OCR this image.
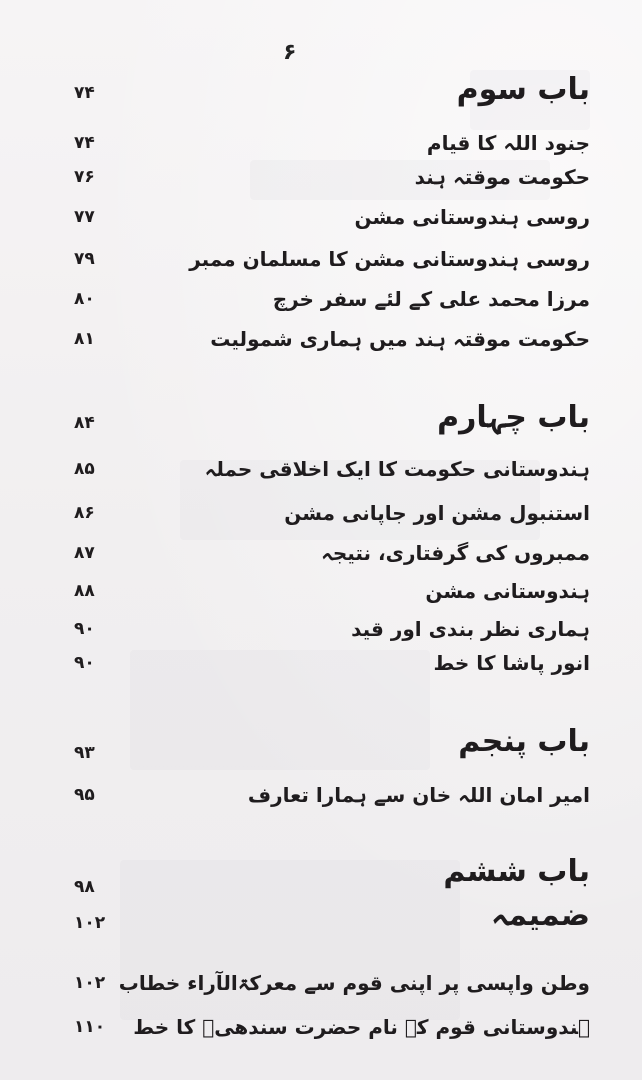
۶
باب سوم
۷۴
جنود اللہ کا قیام
۷۴
حکومت موقتہ ہند
۷۶
روسی ہندوستانی مشن
۷۷
روسی ہندوستانی مشن کا مسلمان ممبر
۷۹
مرزا محمد علی کے لئے سفر خرچ
۸۰
حکومت موقتہ ہند میں ہماری شمولیت
۸۱
باب چہارم
۸۴
ہندوستانی حکومت کا ایک اخلاقی حملہ
۸۵
استنبول مشن اور جاپانی مشن
۸۶
ممبروں کی گرفتاری، نتیجہ
۸۷
ہندوستانی مشن
۸۸
ہماری نظر بندی اور قید
۹۰
انور پاشا کا خط
۹۰
باب پنجم
۹۳
امیر امان اللہ خان سے ہمارا تعارف
۹۵
باب ششم
۹۸
ضمیمہ
۱۰۲
وطن واپسی پر اپنی قوم سے معرکۃالآراء خطاب
۱۰۲
ہندوستانی قوم کے نام حضرت سندھیؒ کا خط
۱۱۰
